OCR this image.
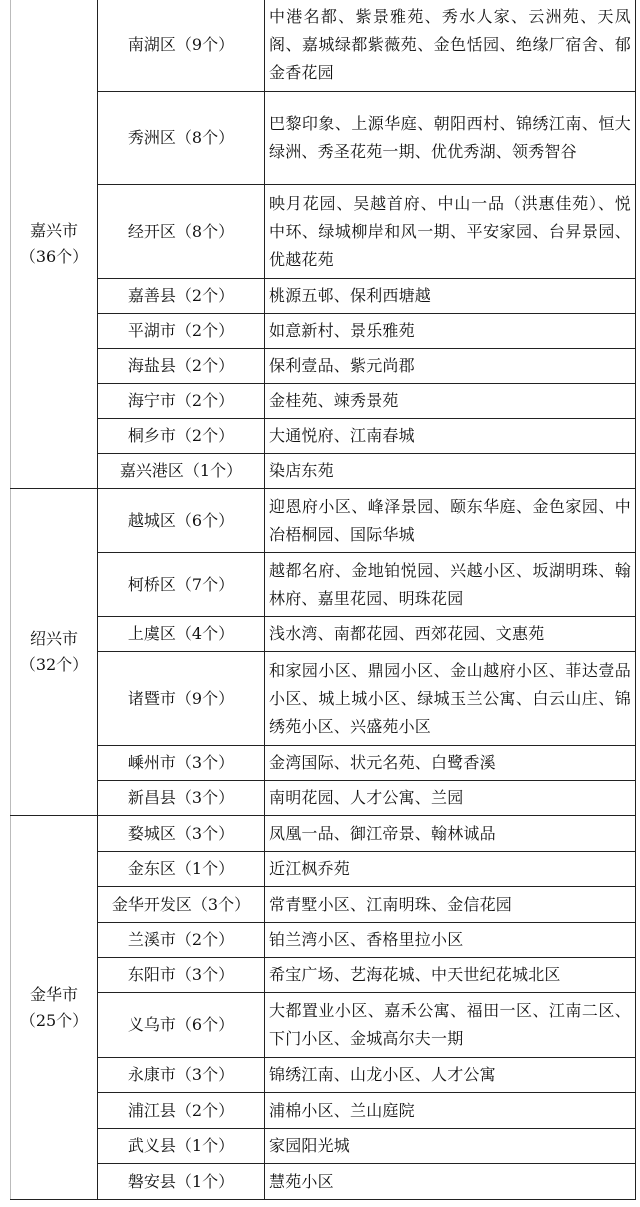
嘉兴市
（36个）	南湖区（9个）	中港名都、紫景雅苑、秀水人家、云洲苑、天凤阁、嘉城绿都紫薇苑、金色恬园、绝缘厂宿舍、郁金香花园
	秀洲区（8个）	巴黎印象、上源华庭、朝阳西村、锦绣江南、恒大绿洲、秀圣花苑一期、优优秀湖、领秀智谷
	经开区（8个）	映月花园、吴越首府、中山一品（洪惠佳苑）、悦中环、绿城柳岸和风一期、平安家园、台昇景园、优越花苑
	嘉善县（2个）	桃源五邨、保利西塘越
	平湖市（2个）	如意新村、景乐雅苑
	海盐县（2个）	保利壹品、紫元尚郡
	海宁市（2个）	金桂苑、竦秀景苑
	桐乡市（2个）	大通悦府、江南春城
	嘉兴港区（1个）	染店东苑

绍兴市
（32个）	越城区（6个）	迎恩府小区、峰泽景园、颐东华庭、金色家园、中冶梧桐园、国际华城
	柯桥区（7个）	越都名府、金地铂悦园、兴越小区、坂湖明珠、翰林府、嘉里花园、明珠花园
	上虞区（4个）	浅水湾、南都花园、西郊花园、文惠苑
	诸暨市（9个）	和家园小区、鼎园小区、金山越府小区、菲达壹品小区、城上城小区、绿城玉兰公寓、白云山庄、锦绣苑小区、兴盛苑小区
	嵊州市（3个）	金湾国际、状元名苑、白鹭香溪
	新昌县（3个）	南明花园、人才公寓、兰园

金华市
（25个）	婺城区（3个）	凤凰一品、御江帝景、翰林诚品
	金东区（1个）	近江枫乔苑
	金华开发区（3个）	常青墅小区、江南明珠、金信花园
	兰溪市（2个）	铂兰湾小区、香格里拉小区
	东阳市（3个）	希宝广场、艺海花城、中天世纪花城北区
	义乌市（6个）	大都置业小区、嘉禾公寓、福田一区、江南二区、下门小区、金城高尔夫一期
	永康市（3个）	锦绣江南、山龙小区、人才公寓
	浦江县（2个）	浦棉小区、兰山庭院
	武义县（1个）	家园阳光城
	磐安县（1个）	慧苑小区
